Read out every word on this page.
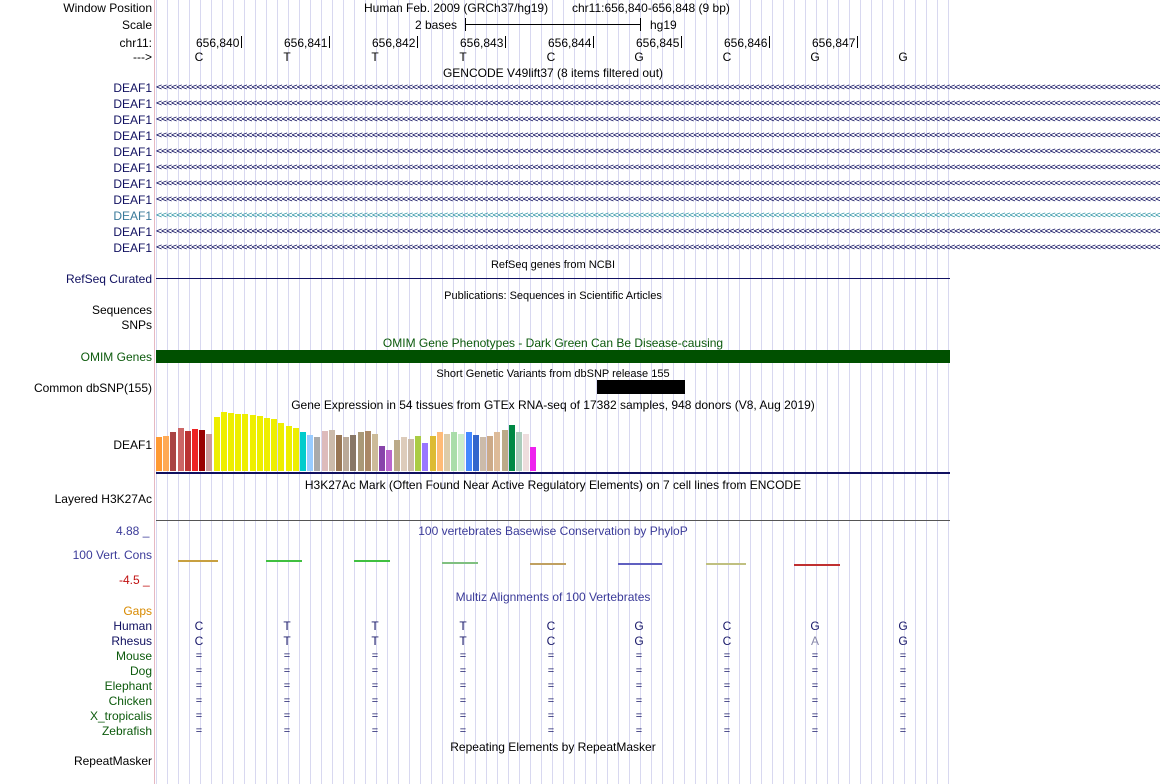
Window Position	Human Feb. 2009 (GRCh37/hg19) chr11:656,840-656,848 (9 bp)
Scale	2 bases	hg19
chr11:	656,840	656,841	656,842	656,843	656,844	656,845	656,846	656,847
--->	C	T	T	T	C	G	C	G	G
GENCODE V49lift37 (8 items filtered out)
DEAF1 <<<<<<<<<<<<<<<<<<<<<<<<<<<<<<<<<<<<<<<<<<<<<<<<<<<<<<<<<<<<<<<<<<<<<<<<<<<<<<<<<<<<<<<<<<<<<<<<<<<<<<<<<<<<<<<<<<<<<<<<<<<<<<<<<<<<<<<<<<<<<<<<<<<<<<<<<<<<<<<<<<<<<<<<<<<<<<<<<<<<<<<<<<<<<<<<<<<<<<<<
DEAF1 <<<<<<<<<<<<<<<<<<<<<<<<<<<<<<<<<<<<<<<<<<<<<<<<<<<<<<<<<<<<<<<<<<<<<<<<<<<<<<<<<<<<<<<<<<<<<<<<<<<<<<<<<<<<<<<<<<<<<<<<<<<<<<<<<<<<<<<<<<<<<<<<<<<<<<<<<<<<<<<<<<<<<<<<<<<<<<<<<<<<<<<<<<<<<<<<<<<<<<<<
DEAF1 <<<<<<<<<<<<<<<<<<<<<<<<<<<<<<<<<<<<<<<<<<<<<<<<<<<<<<<<<<<<<<<<<<<<<<<<<<<<<<<<<<<<<<<<<<<<<<<<<<<<<<<<<<<<<<<<<<<<<<<<<<<<<<<<<<<<<<<<<<<<<<<<<<<<<<<<<<<<<<<<<<<<<<<<<<<<<<<<<<<<<<<<<<<<<<<<<<<<<<<<
DEAF1 <<<<<<<<<<<<<<<<<<<<<<<<<<<<<<<<<<<<<<<<<<<<<<<<<<<<<<<<<<<<<<<<<<<<<<<<<<<<<<<<<<<<<<<<<<<<<<<<<<<<<<<<<<<<<<<<<<<<<<<<<<<<<<<<<<<<<<<<<<<<<<<<<<<<<<<<<<<<<<<<<<<<<<<<<<<<<<<<<<<<<<<<<<<<<<<<<<<<<<<<
DEAF1 <<<<<<<<<<<<<<<<<<<<<<<<<<<<<<<<<<<<<<<<<<<<<<<<<<<<<<<<<<<<<<<<<<<<<<<<<<<<<<<<<<<<<<<<<<<<<<<<<<<<<<<<<<<<<<<<<<<<<<<<<<<<<<<<<<<<<<<<<<<<<<<<<<<<<<<<<<<<<<<<<<<<<<<<<<<<<<<<<<<<<<<<<<<<<<<<<<<<<<<<
DEAF1 <<<<<<<<<<<<<<<<<<<<<<<<<<<<<<<<<<<<<<<<<<<<<<<<<<<<<<<<<<<<<<<<<<<<<<<<<<<<<<<<<<<<<<<<<<<<<<<<<<<<<<<<<<<<<<<<<<<<<<<<<<<<<<<<<<<<<<<<<<<<<<<<<<<<<<<<<<<<<<<<<<<<<<<<<<<<<<<<<<<<<<<<<<<<<<<<<<<<<<<<
DEAF1 <<<<<<<<<<<<<<<<<<<<<<<<<<<<<<<<<<<<<<<<<<<<<<<<<<<<<<<<<<<<<<<<<<<<<<<<<<<<<<<<<<<<<<<<<<<<<<<<<<<<<<<<<<<<<<<<<<<<<<<<<<<<<<<<<<<<<<<<<<<<<<<<<<<<<<<<<<<<<<<<<<<<<<<<<<<<<<<<<<<<<<<<<<<<<<<<<<<<<<<<
DEAF1 <<<<<<<<<<<<<<<<<<<<<<<<<<<<<<<<<<<<<<<<<<<<<<<<<<<<<<<<<<<<<<<<<<<<<<<<<<<<<<<<<<<<<<<<<<<<<<<<<<<<<<<<<<<<<<<<<<<<<<<<<<<<<<<<<<<<<<<<<<<<<<<<<<<<<<<<<<<<<<<<<<<<<<<<<<<<<<<<<<<<<<<<<<<<<<<<<<<<<<<<
DEAF1 <<<<<<<<<<<<<<<<<<<<<<<<<<<<<<<<<<<<<<<<<<<<<<<<<<<<<<<<<<<<<<<<<<<<<<<<<<<<<<<<<<<<<<<<<<<<<<<<<<<<<<<<<<<<<<<<<<<<<<<<<<<<<<<<<<<<<<<<<<<<<<<<<<<<<<<<<<<<<<<<<<<<<<<<<<<<<<<<<<<<<<<<<<<<<<<<<<<<<<<<
DEAF1 <<<<<<<<<<<<<<<<<<<<<<<<<<<<<<<<<<<<<<<<<<<<<<<<<<<<<<<<<<<<<<<<<<<<<<<<<<<<<<<<<<<<<<<<<<<<<<<<<<<<<<<<<<<<<<<<<<<<<<<<<<<<<<<<<<<<<<<<<<<<<<<<<<<<<<<<<<<<<<<<<<<<<<<<<<<<<<<<<<<<<<<<<<<<<<<<<<<<<<<<
DEAF1 <<<<<<<<<<<<<<<<<<<<<<<<<<<<<<<<<<<<<<<<<<<<<<<<<<<<<<<<<<<<<<<<<<<<<<<<<<<<<<<<<<<<<<<<<<<<<<<<<<<<<<<<<<<<<<<<<<<<<<<<<<<<<<<<<<<<<<<<<<<<<<<<<<<<<<<<<<<<<<<<<<<<<<<<<<<<<<<<<<<<<<<<<<<<<<<<<<<<<<<<
RefSeq genes from NCBI
RefSeq Curated
Publications: Sequences in Scientific Articles
Sequences
SNPs
OMIM Gene Phenotypes - Dark Green Can Be Disease-causing
OMIM Genes
Short Genetic Variants from dbSNP release 155
Common dbSNP(155)
Gene Expression in 54 tissues from GTEx RNA-seq of 17382 samples, 948 donors (V8, Aug 2019)
DEAF1
H3K27Ac Mark (Often Found Near Active Regulatory Elements) on 7 cell lines from ENCODE
Layered H3K27Ac
100 vertebrates Basewise Conservation by PhyloP
4.88 _
100 Vert. Cons
-4.5 _
Multiz Alignments of 100 Vertebrates
Gaps
Human	C	T	T	T	C	G	C	G	G
Rhesus	C	T	T	T	C	G	C	A	G
Mouse	=	=	=	=	=	=	=	=	=
Dog	=	=	=	=	=	=	=	=	=
Elephant	=	=	=	=	=	=	=	=	=
Chicken	=	=	=	=	=	=	=	=	=
X_tropicalis	=	=	=	=	=	=	=	=	=
Zebrafish	=	=	=	=	=	=	=	=	=
Repeating Elements by RepeatMasker
RepeatMasker
